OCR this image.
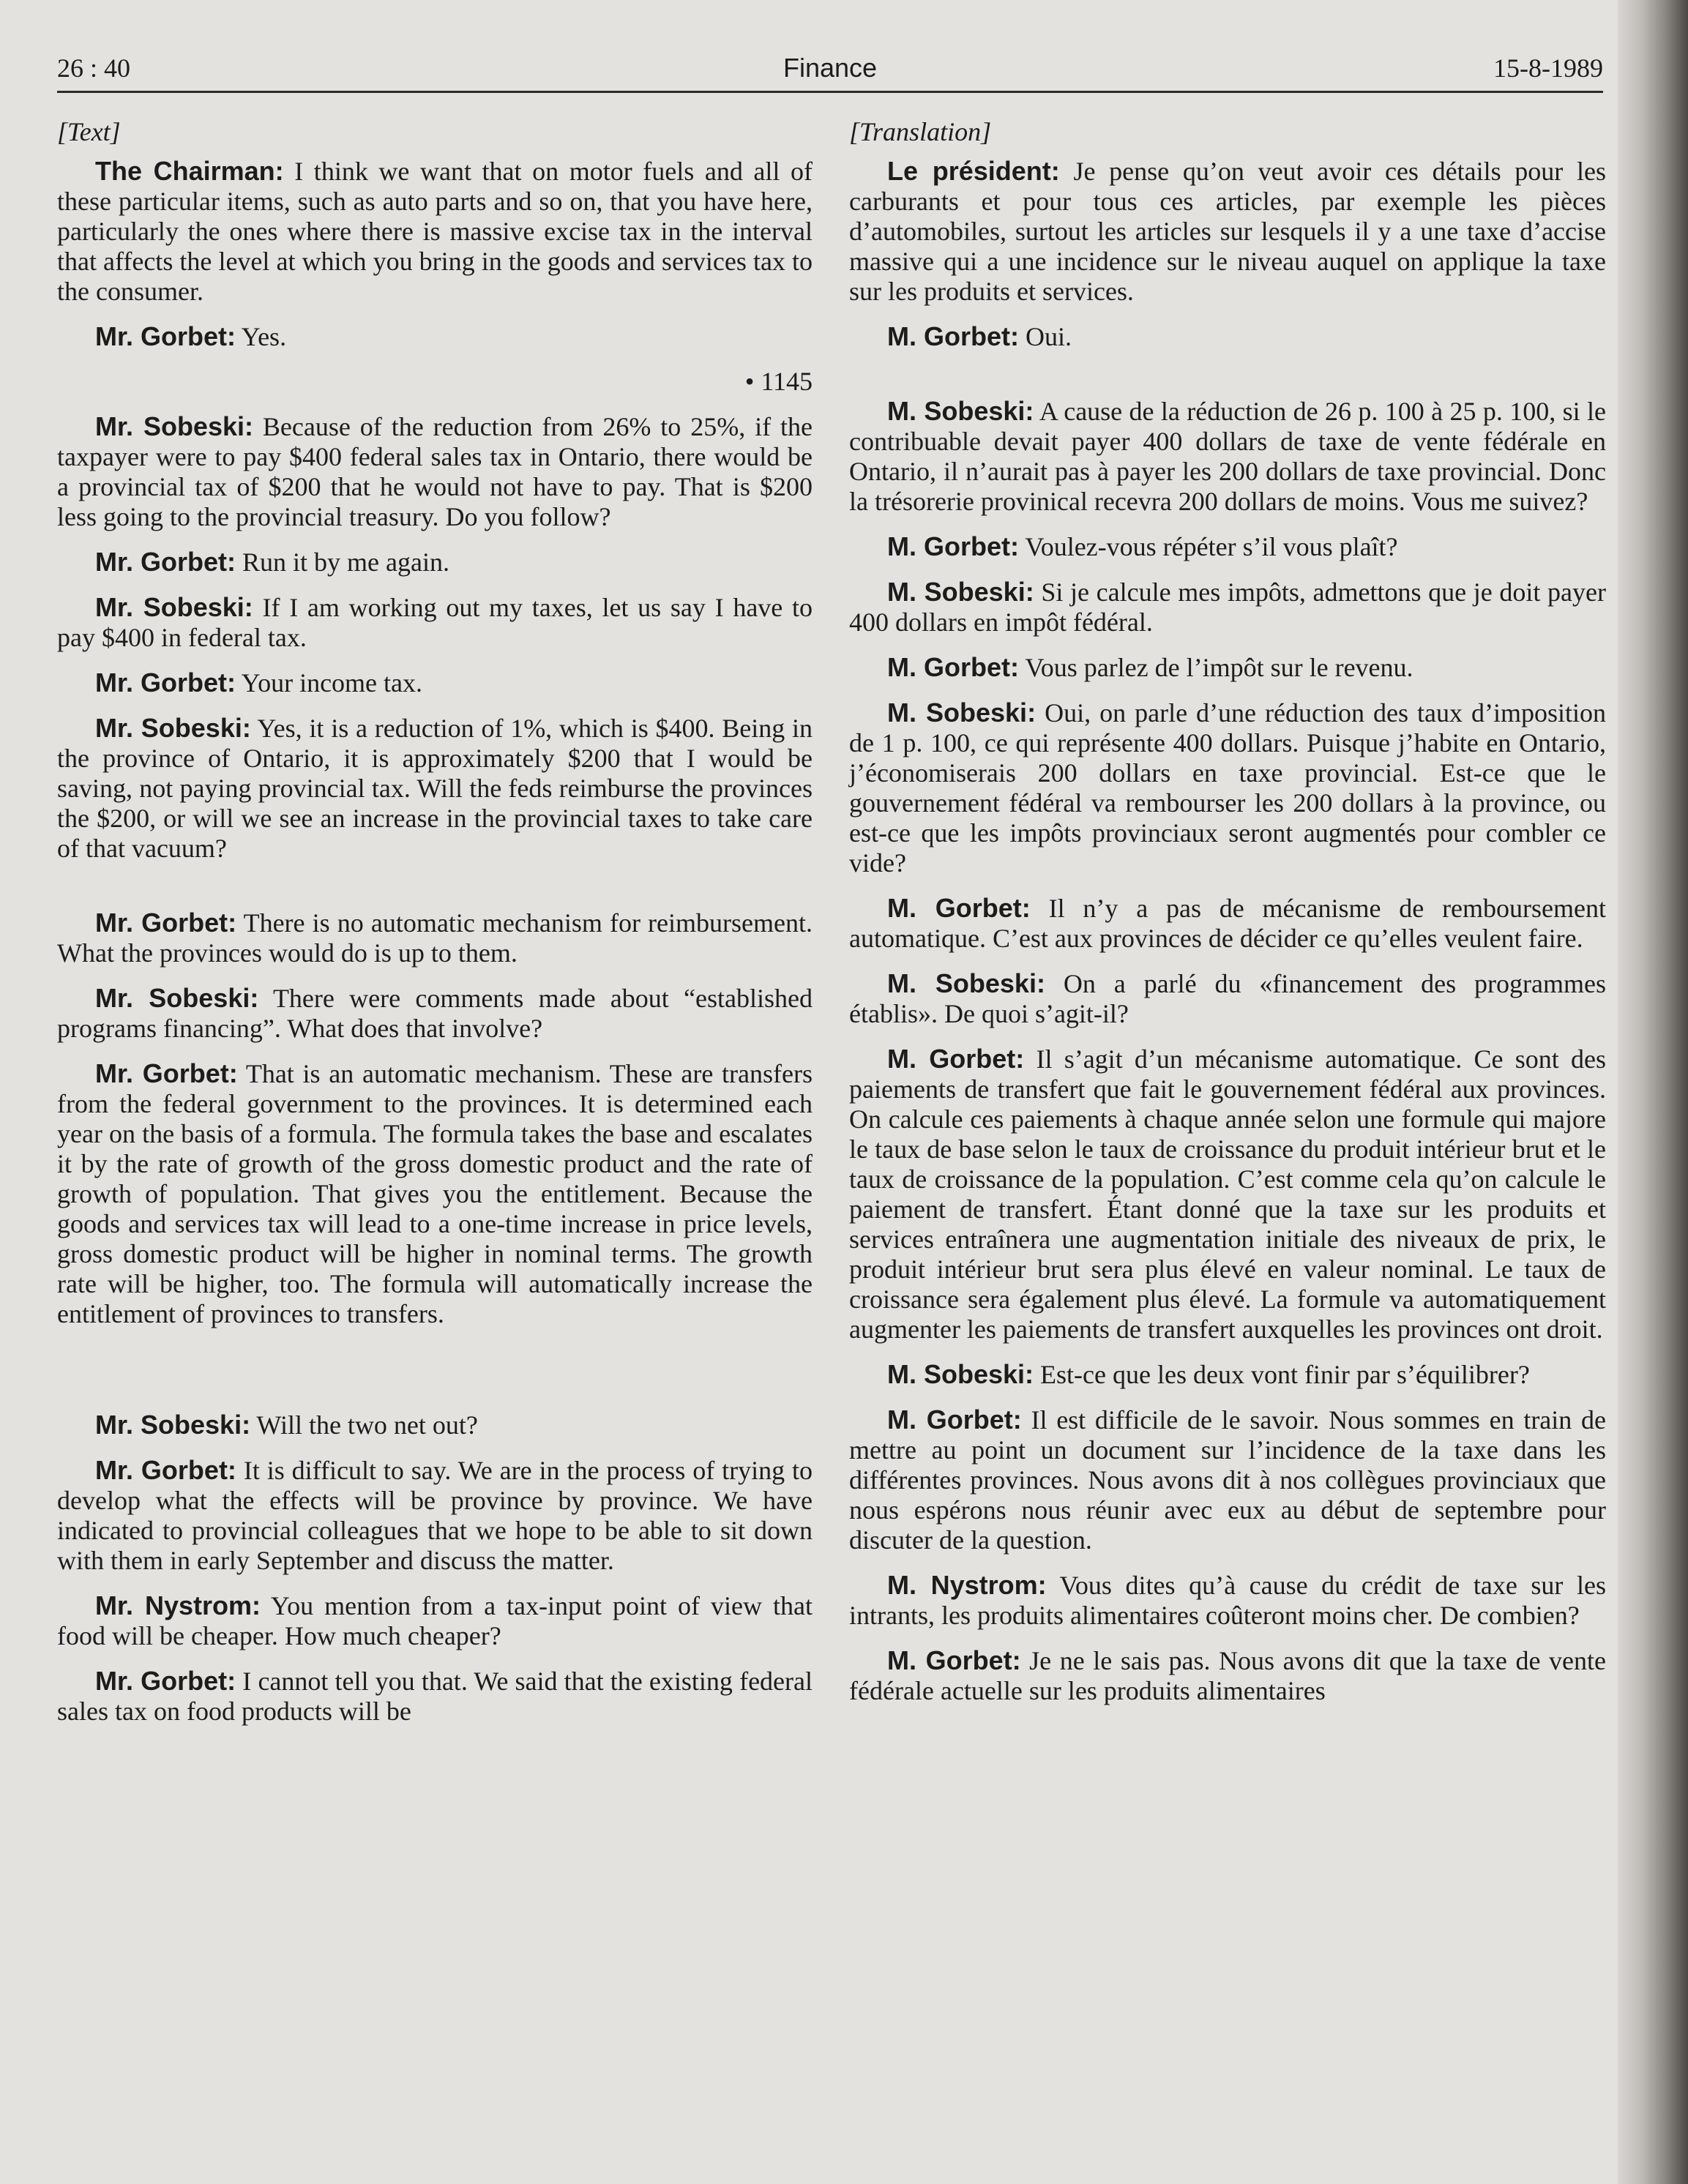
26 : 40	Finance	15-8-1989
[Text]

The Chairman: I think we want that on motor fuels and all of these particular items, such as auto parts and so on, that you have here, particularly the ones where there is massive excise tax in the interval that affects the level at which you bring in the goods and services tax to the consumer.

Mr. Gorbet: Yes.

• 1145

Mr. Sobeski: Because of the reduction from 26% to 25%, if the taxpayer were to pay $400 federal sales tax in Ontario, there would be a provincial tax of $200 that he would not have to pay. That is $200 less going to the provincial treasury. Do you follow?

Mr. Gorbet: Run it by me again.

Mr. Sobeski: If I am working out my taxes, let us say I have to pay $400 in federal tax.

Mr. Gorbet: Your income tax.

Mr. Sobeski: Yes, it is a reduction of 1%, which is $400. Being in the province of Ontario, it is approximately $200 that I would be saving, not paying provincial tax. Will the feds reimburse the provinces the $200, or will we see an increase in the provincial taxes to take care of that vacuum?

Mr. Gorbet: There is no automatic mechanism for reimbursement. What the provinces would do is up to them.

Mr. Sobeski: There were comments made about “established programs financing”. What does that involve?

Mr. Gorbet: That is an automatic mechanism. These are transfers from the federal government to the provinces. It is determined each year on the basis of a formula. The formula takes the base and escalates it by the rate of growth of the gross domestic product and the rate of growth of population. That gives you the entitlement. Because the goods and services tax will lead to a one-time increase in price levels, gross domestic product will be higher in nominal terms. The growth rate will be higher, too. The formula will automatically increase the entitlement of provinces to transfers.

Mr. Sobeski: Will the two net out?

Mr. Gorbet: It is difficult to say. We are in the process of trying to develop what the effects will be province by province. We have indicated to provincial colleagues that we hope to be able to sit down with them in early September and discuss the matter.

Mr. Nystrom: You mention from a tax-input point of view that food will be cheaper. How much cheaper?

Mr. Gorbet: I cannot tell you that. We said that the existing federal sales tax on food products will be

[Translation]

Le président: Je pense qu’on veut avoir ces détails pour les carburants et pour tous ces articles, par exemple les pièces d’automobiles, surtout les articles sur lesquels il y a une taxe d’accise massive qui a une incidence sur le niveau auquel on applique la taxe sur les produits et services.

M. Gorbet: Oui.

M. Sobeski: A cause de la réduction de 26 p. 100 à 25 p. 100, si le contribuable devait payer 400 dollars de taxe de vente fédérale en Ontario, il n’aurait pas à payer les 200 dollars de taxe provincial. Donc la trésorerie provinical recevra 200 dollars de moins. Vous me suivez?

M. Gorbet: Voulez-vous répéter s’il vous plaît?

M. Sobeski: Si je calcule mes impôts, admettons que je doit payer 400 dollars en impôt fédéral.

M. Gorbet: Vous parlez de l’impôt sur le revenu.

M. Sobeski: Oui, on parle d’une réduction des taux d’imposition de 1 p. 100, ce qui représente 400 dollars. Puisque j’habite en Ontario, j’économiserais 200 dollars en taxe provincial. Est-ce que le gouvernement fédéral va rembourser les 200 dollars à la province, ou est-ce que les impôts provinciaux seront augmentés pour combler ce vide?

M. Gorbet: Il n’y a pas de mécanisme de remboursement automatique. C’est aux provinces de décider ce qu’elles veulent faire.

M. Sobeski: On a parlé du «financement des programmes établis». De quoi s’agit-il?

M. Gorbet: Il s’agit d’un mécanisme automatique. Ce sont des paiements de transfert que fait le gouvernement fédéral aux provinces. On calcule ces paiements à chaque année selon une formule qui majore le taux de base selon le taux de croissance du produit intérieur brut et le taux de croissance de la population. C’est comme cela qu’on calcule le paiement de transfert. Étant donné que la taxe sur les produits et services entraînera une augmentation initiale des niveaux de prix, le produit intérieur brut sera plus élevé en valeur nominal. Le taux de croissance sera également plus élevé. La formule va automatiquement augmenter les paiements de transfert auxquelles les provinces ont droit.

M. Sobeski: Est-ce que les deux vont finir par s’équilibrer?

M. Gorbet: Il est difficile de le savoir. Nous sommes en train de mettre au point un document sur l’incidence de la taxe dans les différentes provinces. Nous avons dit à nos collègues provinciaux que nous espérons nous réunir avec eux au début de septembre pour discuter de la question.

M. Nystrom: Vous dites qu’à cause du crédit de taxe sur les intrants, les produits alimentaires coûteront moins cher. De combien?

M. Gorbet: Je ne le sais pas. Nous avons dit que la taxe de vente fédérale actuelle sur les produits alimentaires
